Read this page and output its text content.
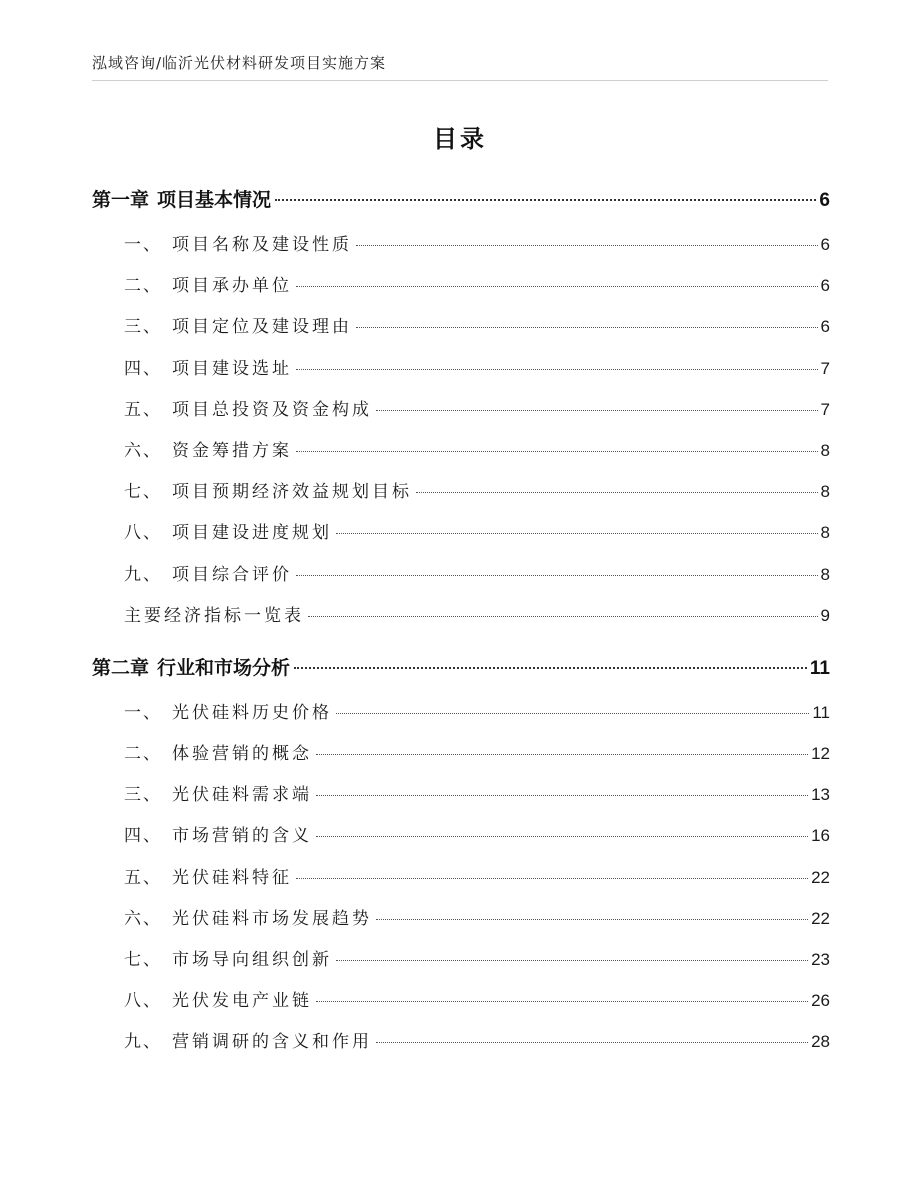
泓域咨询/临沂光伏材料研发项目实施方案
目录
第一章 项目基本情况	6
一、 项目名称及建设性质	6
二、 项目承办单位	6
三、 项目定位及建设理由	6
四、 项目建设选址	7
五、 项目总投资及资金构成	7
六、 资金筹措方案	8
七、 项目预期经济效益规划目标	8
八、 项目建设进度规划	8
九、 项目综合评价	8
主要经济指标一览表	9
第二章 行业和市场分析	11
一、 光伏硅料历史价格	11
二、 体验营销的概念	12
三、 光伏硅料需求端	13
四、 市场营销的含义	16
五、 光伏硅料特征	22
六、 光伏硅料市场发展趋势	22
七、 市场导向组织创新	23
八、 光伏发电产业链	26
九、 营销调研的含义和作用	28
